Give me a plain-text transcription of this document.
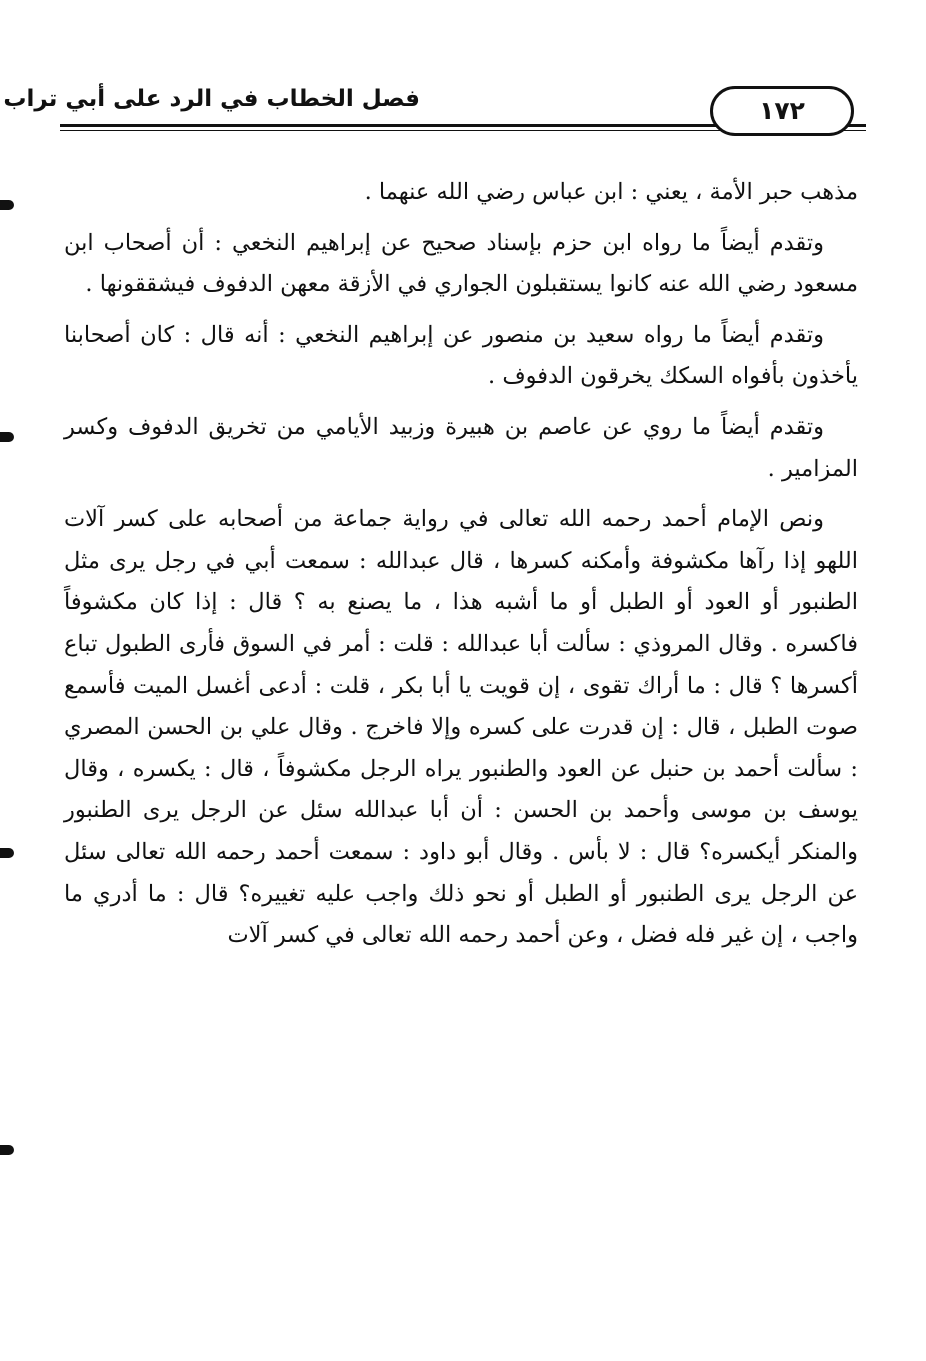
فصل الخطاب في الرد على أبي تراب	١٧٢

مذهب حبر الأمة ، يعني : ابن عباس رضي الله عنهما .

وتقدم أيضاً ما رواه ابن حزم بإسناد صحيح عن إبراهيم النخعي : أن أصحاب ابن مسعود رضي الله عنه كانوا يستقبلون الجواري في الأزقة معهن الدفوف فيشققونها .

وتقدم أيضاً ما رواه سعيد بن منصور عن إبراهيم النخعي : أنه قال : كان أصحابنا يأخذون بأفواه السكك يخرقون الدفوف .

وتقدم أيضاً ما روي عن عاصم بن هبيرة وزبيد الأيامي من تخريق الدفوف وكسر المزامير .

ونص الإمام أحمد رحمه الله تعالى في رواية جماعة من أصحابه على كسر آلات اللهو إذا رآها مكشوفة وأمكنه كسرها ، قال عبدالله : سمعت أبي في رجل يرى مثل الطنبور أو العود أو الطبل أو ما أشبه هذا ، ما يصنع به ؟ قال : إذا كان مكشوفاً فاكسره . وقال المروذي : سألت أبا عبدالله : قلت : أمر في السوق فأرى الطبول تباع أكسرها ؟ قال : ما أراك تقوى ، إن قويت يا أبا بكر ، قلت : أدعى أغسل الميت فأسمع صوت الطبل ، قال : إن قدرت على كسره وإلا فاخرج . وقال علي بن الحسن المصري : سألت أحمد بن حنبل عن العود والطنبور يراه الرجل مكشوفاً ، قال : يكسره ، وقال يوسف بن موسى وأحمد بن الحسن : أن أبا عبدالله سئل عن الرجل يرى الطنبور والمنكر أيكسره؟ قال : لا بأس . وقال أبو داود : سمعت أحمد رحمه الله تعالى سئل عن الرجل يرى الطنبور أو الطبل أو نحو ذلك واجب عليه تغييره؟ قال : ما أدري ما واجب ، إن غير فله فضل ، وعن أحمد رحمه الله تعالى في كسر آلات
